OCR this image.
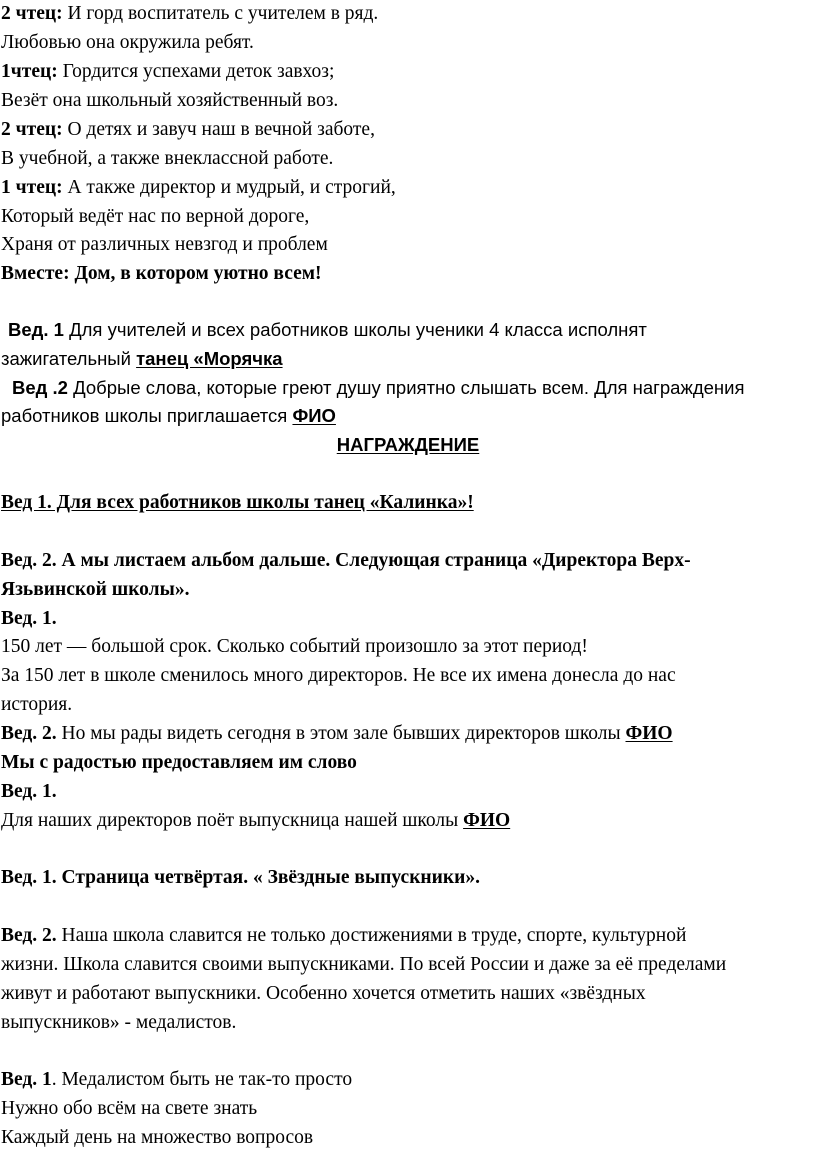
2 чтец: И горд воспитатель с учителем в ряд.
Любовью она окружила ребят.
1чтец: Гордится успехами деток завхоз;
Везёт она школьный хозяйственный воз.
2 чтец: О детях и завуч наш в вечной заботе,
В учебной, а также внеклассной работе.
1 чтец: А также директор и мудрый, и строгий,
Который ведёт нас по верной дороге,
Храня от различных невзгод и проблем
Вместе: Дом, в котором уютно всем!
Вед. 1 Для учителей и всех работников школы ученики 4 класса исполнят
зажигательный танец «Морячка
Вед .2 Добрые слова, которые греют душу приятно слышать всем. Для награждения
работников школы приглашается ФИО
НАГРАЖДЕНИЕ
Вед 1. Для всех работников школы танец «Калинка»!
Вед. 2. А мы листаем альбом дальше. Следующая страница «Директора Верх-
Язьвинской школы».
Вед. 1.
150 лет — большой срок. Сколько событий произошло за этот период!
За 150 лет в школе сменилось много директоров. Не все их имена донесла до нас
история.
Вед. 2. Но мы рады видеть сегодня в этом зале бывших директоров школы ФИО
Мы с радостью предоставляем им слово
Вед. 1.
Для наших директоров поёт выпускница нашей школы ФИО
Вед. 1. Страница четвёртая. « Звёздные выпускники».
Вед. 2. Наша школа славится не только достижениями в труде, спорте, культурной
жизни. Школа славится своими выпускниками. По всей России и даже за её пределами
живут и работают выпускники. Особенно хочется отметить наших «звёздных
выпускников» - медалистов.
Вед. 1. Медалистом быть не так-то просто
Нужно обо всём на свете знать
Каждый день на множество вопросов
